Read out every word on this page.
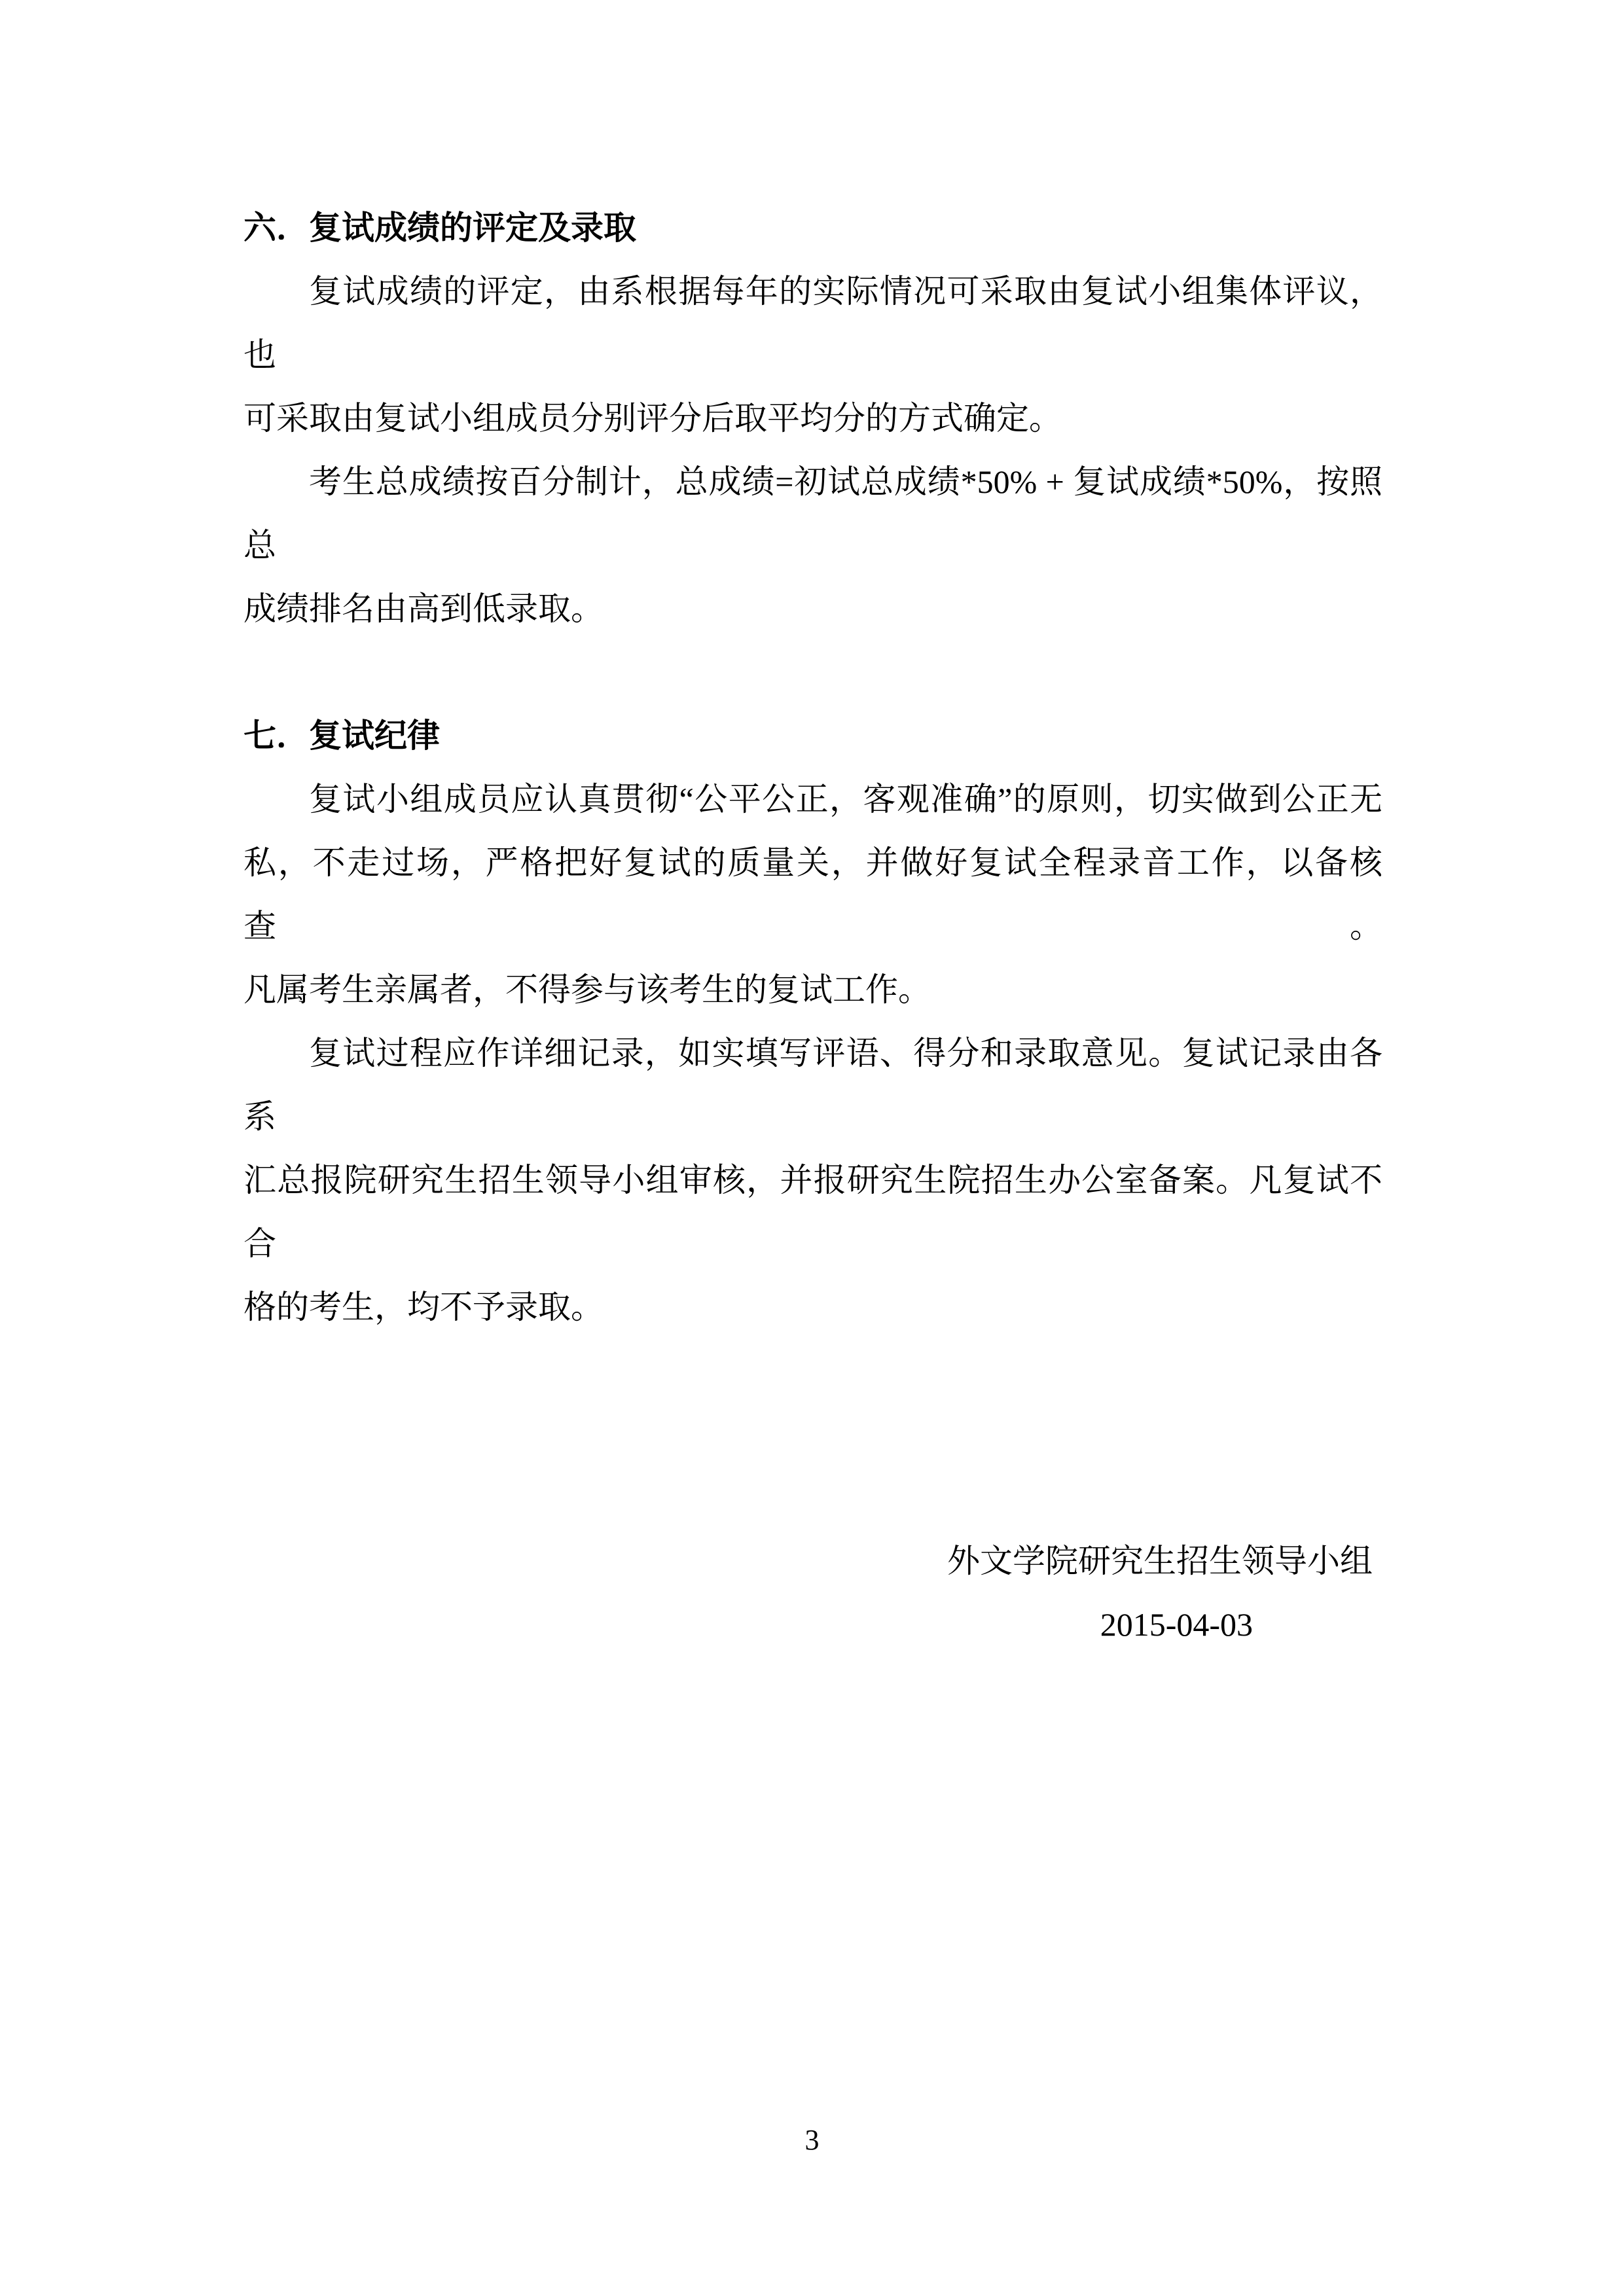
六．复试成绩的评定及录取
复试成绩的评定，由系根据每年的实际情况可采取由复试小组集体评议，也
可采取由复试小组成员分别评分后取平均分的方式确定。
考生总成绩按百分制计，总成绩=初试总成绩*50% + 复试成绩*50%，按照总
成绩排名由高到低录取。
七．复试纪律
复试小组成员应认真贯彻“公平公正，客观准确”的原则，切实做到公正无
私，不走过场，严格把好复试的质量关，并做好复试全程录音工作，以备核查。
凡属考生亲属者，不得参与该考生的复试工作。
复试过程应作详细记录，如实填写评语、得分和录取意见。复试记录由各系
汇总报院研究生招生领导小组审核，并报研究生院招生办公室备案。凡复试不合
格的考生，均不予录取。
外文学院研究生招生领导小组
2015-04-03
3
